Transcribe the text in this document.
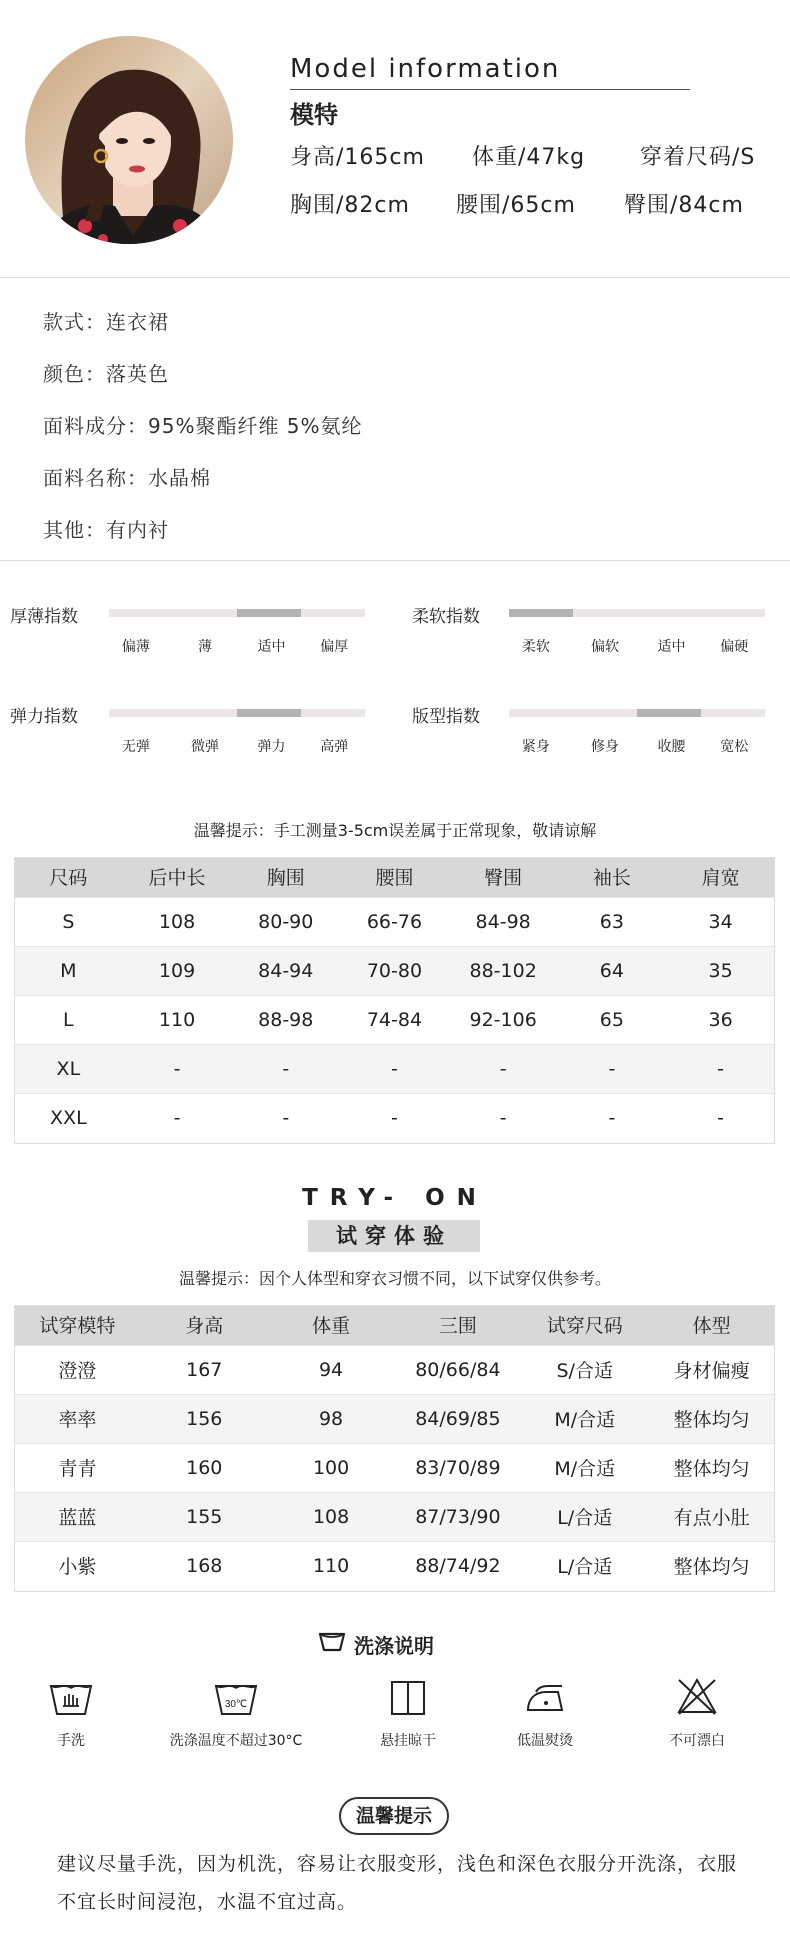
Model information
模特
身高/165cm 体重/47kg 穿着尺码/S
胸围/82cm 腰围/65cm 臀围/84cm
款式：连衣裙
颜色：落英色
面料成分：95%聚酯纤维 5%氨纶
面料名称：水晶棉
其他：有内衬
厚薄指数
偏薄	薄	适中 偏厚
柔软指数
柔软	偏软	适中 偏硬
弹力指数
无弹	微弹	弹力 高弹
版型指数
紧身	修身	收腰 宽松
温馨提示：手工测量3-5cm误差属于正常现象，敬请谅解
尺码	后中长	胸围	腰围	臀围	袖长	肩宽
S	108	80-90	66-76	84-98	63	34
M	109	84-94	70-80	88-102	64	35
L	110	88-98	74-84	92-106	65	36
XL	-	-	-	-	-	-
XXL	-	-	-	-	-	-
TRY- ON
试穿体验
温馨提示：因个人体型和穿衣习惯不同，以下试穿仅供参考。
试穿模特	身高	体重	三围	试穿尺码	体型
澄澄	167	94	80/66/84	S/合适	身材偏瘦
率率	156	98	84/69/85	M/合适	整体均匀
青青	160	100	83/70/89	M/合适	整体均匀
蓝蓝	155	108	87/73/90	L/合适	有点小肚
小紫	168	110	88/74/92	L/合适	整体均匀
洗涤说明
30℃
手洗	洗涤温度不超过30°C	悬挂晾干	低温熨烫	不可漂白
温馨提示
建议尽量手洗，因为机洗，容易让衣服变形，浅色和深色衣服分开洗涤，衣服不宜长时间浸泡，水温不宜过高。
